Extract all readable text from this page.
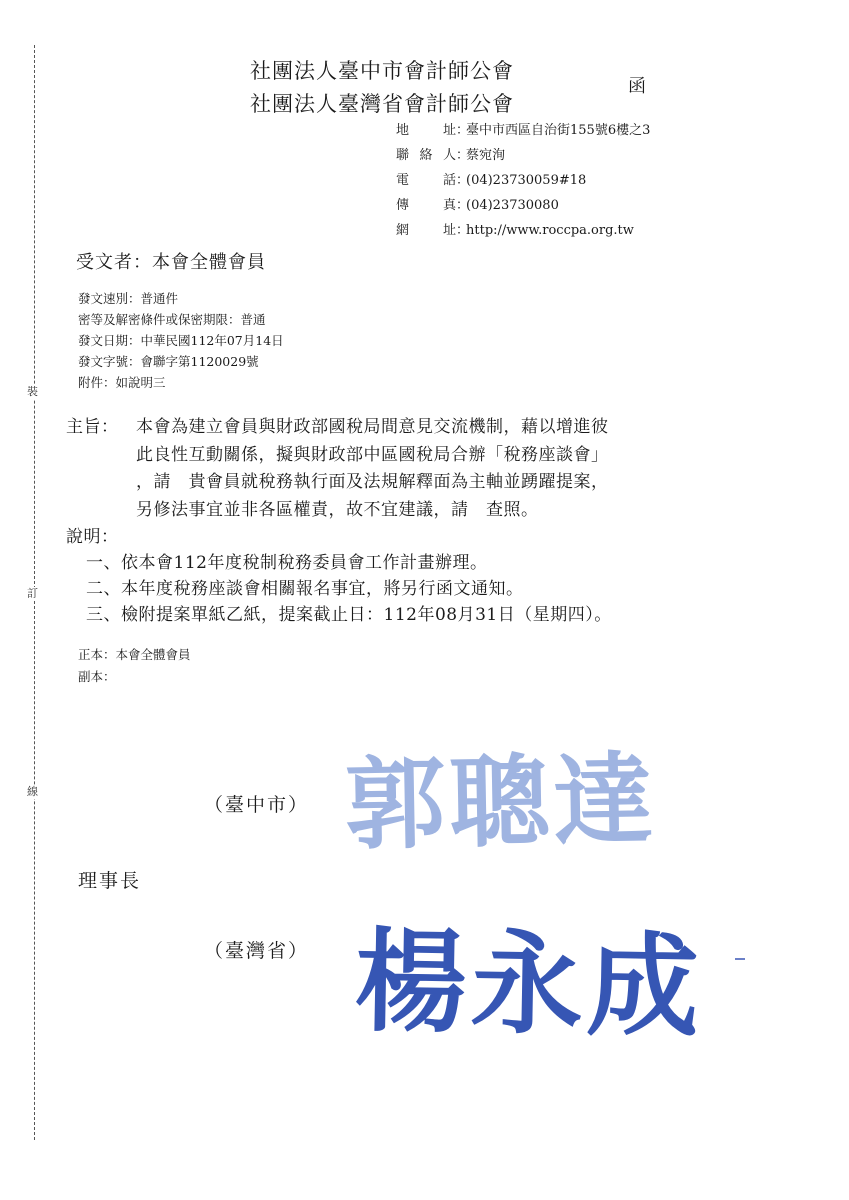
裝
訂
線
社團法人臺中市會計師公會
社團法人臺灣省會計師公會
函
地　址：臺中市西區自治街155號6樓之3
聯絡人：蔡宛洵
電　話：(04)23730059#18
傳　真：(04)23730080
網　址：http://www.roccpa.org.tw
受文者：本會全體會員
發文速別：普通件
密等及解密條件或保密期限：普通
發文日期：中華民國112年07月14日
發文字號：會聯字第1120029號
附件：如說明三
主旨： 本會為建立會員與財政部國稅局間意見交流機制，藉以增進彼
此良性互動關係，擬與財政部中區國稅局合辦「稅務座談會」
，請　貴會員就稅務執行面及法規解釋面為主軸並踴躍提案，
另修法事宜並非各區權責，故不宜建議，請　查照。
說明：
一、依本會112年度稅制稅務委員會工作計畫辦理。
二、本年度稅務座談會相關報名事宜，將另行函文通知。
三、檢附提案單紙乙紙，提案截止日：112年08月31日（星期四）。
正本：本會全體會員
副本：
（臺中市） 郭聰達
理事長
（臺灣省） 楊永成
